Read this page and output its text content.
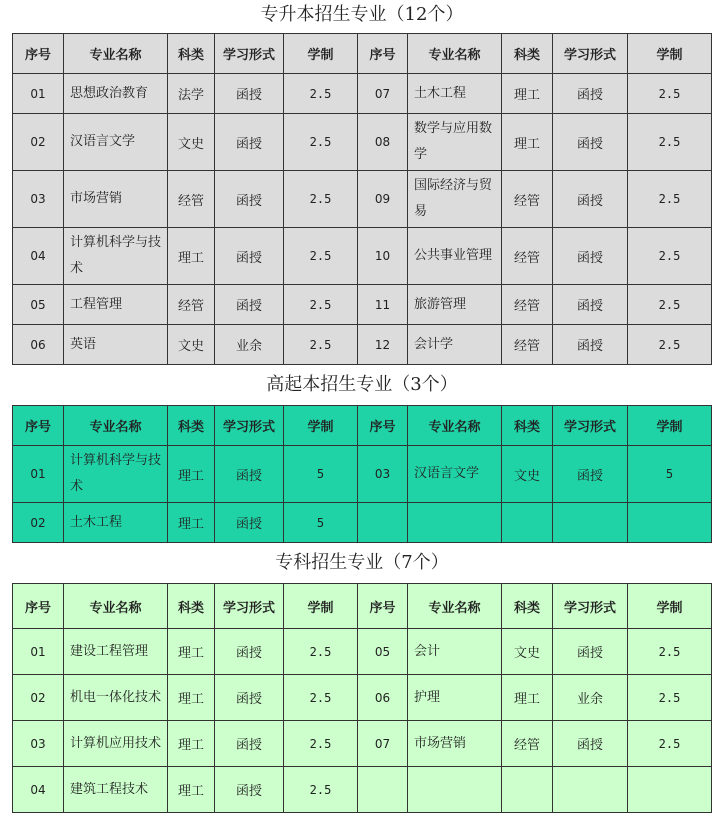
专升本招生专业（12个）
序号	专业名称	科类	学习形式	学制	序号	专业名称	科类	学习形式	学制
01	思想政治教育	法学	函授	2.5	07	土木工程	理工	函授	2.5
02	汉语言文学	文史	函授	2.5	08	数学与应用数学	理工	函授	2.5
03	市场营销	经管	函授	2.5	09	国际经济与贸易	经管	函授	2.5
04	计算机科学与技术	理工	函授	2.5	10	公共事业管理	经管	函授	2.5
05	工程管理	经管	函授	2.5	11	旅游管理	经管	函授	2.5
06	英语	文史	业余	2.5	12	会计学	经管	函授	2.5
高起本招生专业（3个）
序号	专业名称	科类	学习形式	学制	序号	专业名称	科类	学习形式	学制
01	计算机科学与技术	理工	函授	5	03	汉语言文学	文史	函授	5
02	土木工程	理工	函授	5					
专科招生专业（7个）
序号	专业名称	科类	学习形式	学制	序号	专业名称	科类	学习形式	学制
01	建设工程管理	理工	函授	2.5	05	会计	文史	函授	2.5
02	机电一体化技术	理工	函授	2.5	06	护理	理工	业余	2.5
03	计算机应用技术	理工	函授	2.5	07	市场营销	经管	函授	2.5
04	建筑工程技术	理工	函授	2.5					
